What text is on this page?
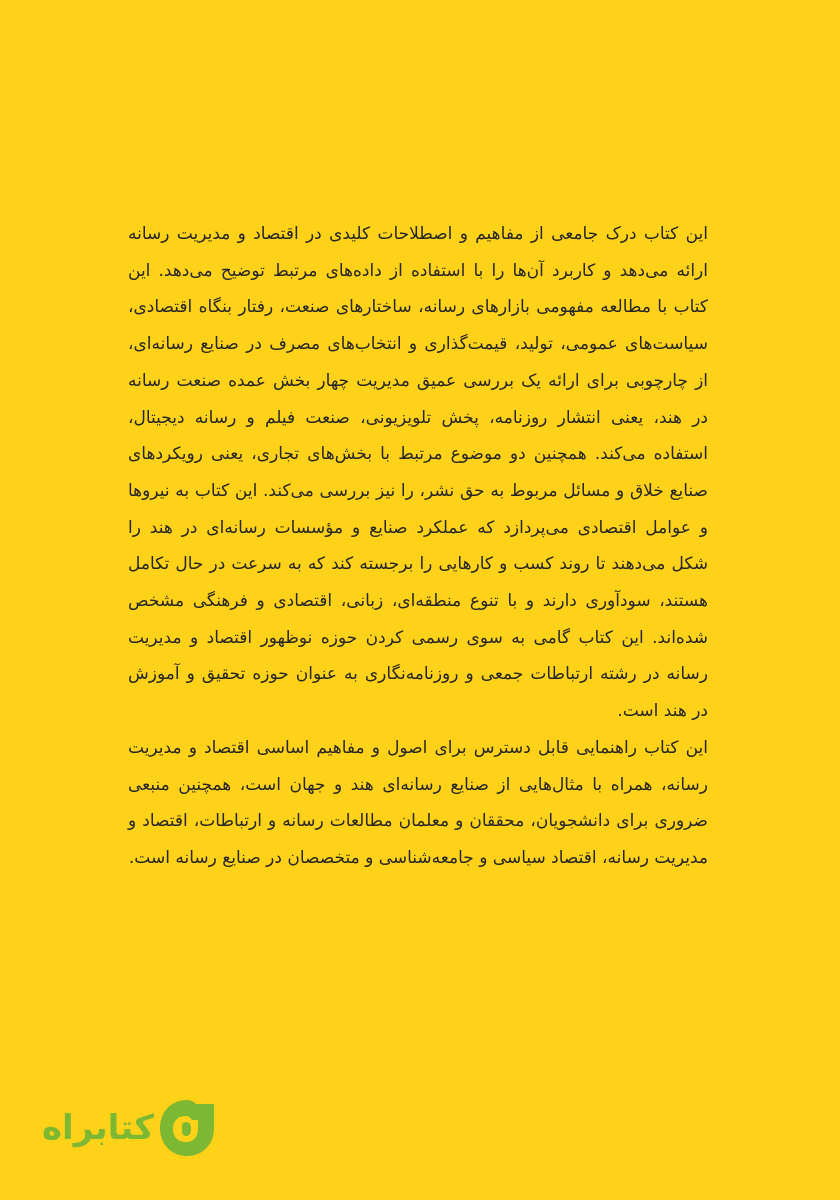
این کتاب درک جامعی از مفاهیم و اصطلاحات کلیدی در اقتصاد و مدیریت رسانه ارائه می‌دهد و کاربرد آن‌ها را با استفاده از داده‌های مرتبط توضیح می‌دهد. این کتاب با مطالعه مفهومی بازارهای رسانه، ساختارهای صنعت، رفتار بنگاه اقتصادی، سیاست‌های عمومی، تولید، قیمت‌گذاری و انتخاب‌های مصرف در صنایع رسانه‌ای، از چارچوبی برای ارائه یک بررسی عمیق مدیریت چهار بخش عمده صنعت رسانه در هند، یعنی انتشار روزنامه، پخش تلویزیونی، صنعت فیلم و رسانه دیجیتال، استفاده می‌کند. همچنین دو موضوع مرتبط با بخش‌های تجاری، یعنی رویکردهای صنایع خلاق و مسائل مربوط به حق نشر، را نیز بررسی می‌کند. این کتاب به نیروها و عوامل اقتصادی می‌پردازد که عملکرد صنایع و مؤسسات رسانه‌ای در هند را شکل می‌دهند تا روند کسب و کارهایی را برجسته کند که به سرعت در حال تکامل هستند، سودآوری دارند و با تنوع منطقه‌ای، زبانی، اقتصادی و فرهنگی مشخص شده‌اند. این کتاب گامی به سوی رسمی کردن حوزه نوظهور اقتصاد و مدیریت رسانه در رشته ارتباطات جمعی و روزنامه‌نگاری به عنوان حوزه تحقیق و آموزش در هند است.

این کتاب راهنمایی قابل دسترس برای اصول و مفاهیم اساسی اقتصاد و مدیریت رسانه، همراه با مثال‌هایی از صنایع رسانه‌ای هند و جهان است، همچنین منبعی ضروری برای دانشجویان، محققان و معلمان مطالعات رسانه و ارتباطات، اقتصاد و مدیریت رسانه، اقتصاد سیاسی و جامعه‌شناسی و متخصصان در صنایع رسانه است.

کتابراه
